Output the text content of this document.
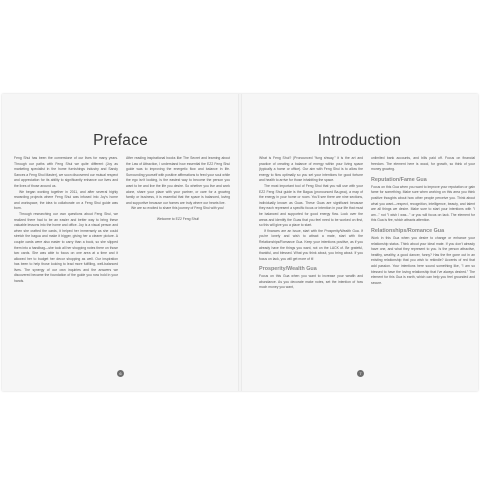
Preface

Feng Shui has been the cornerstone of our lives for many years. Through our paths with Feng Shui we quite different (Joy as marketing specialist in the home furnishings industry and Sandy Sances a Feng Shui Master), we soon discovered our mutual respect and appreciation for its ability to significantly enhance our lives and the lives of those around us.

We began working together in 2011, and after several highly rewarding projects where Feng Shui was infused into Joy's home and workspace, the idea to collaborate on a Feng Shui guide was born.

Through researching our own questions about Feng Shui, we realized there had to be an easier and better way to bring these valuable lessons into the home and office. Joy is a visual person and when she crafted the cards, it helped her immensely as she could stretch the bagua and make it bigger, giving her a clearer picture. A couple cards were also easier to carry than a book, so she slipped them into a handbag—she took all her shopping notes there on those two cards. She was able to focus on one area at a time and it allowed her to budget her decor shopping as well. Our inspiration has been to help those looking to lead more fulfilling, well-balanced lives. The synergy of our own inquiries and the answers we discovered became the foundation of the guide you now hold in your hands.

After reading inspirational books like The Secret and learning about the Law of Attraction, I understand how essential the EZ2 Feng Shui guide was to improving the energetic flow and balance in life. Surrounding yourself with positive affirmations to feed your soul while the ego isn't looking, is the easiest way to become the person you want to be and live the life you desire. So whether you live and work alone, share your place with your partner, or care for a growing family or business, it is essential that the space is balanced, loving and supportive because our homes are truly where our hearts live.

We are so excited to share this journey of Feng Shui with you!

Welcome to EZ2 Feng Shui!

6
Introduction

What is Feng Shui? (Pronounced "fung shway," it is the art and practice of creating a balance of energy within your living space (typically a home or office). Our aim with Feng Shui is to allow the energy to flow optimally so you set your intentions for good fortune and health to arrive for those inhabiting the space.

The most important tool of Feng Shui that you will use with your EZ2 Feng Shui guide is the Bagua (pronounced Ba-gwa), a map of the energy in your home or room. You'll see there are nine sections, individually known as Guas. These Guas are significant because they each represent a specific focus or intention in your life that must be balanced and supported for good energy flow. Look over the areas and identify the Guas that you feel need to be worked on first, so this will give you a place to start.

If finances are an issue, start with the Prosperity/Wealth Gua. If you're lonely and wish to attract a mate, start with the Relationships/Romance Gua. Keep your intentions positive, as if you already have the things you want, not on the LACK of. Be grateful, thankful, and blessed. What you think about, you bring about. If you focus on lack, you will get more of it!

Prosperity/Wealth Gua

Focus on this Gua when you want to increase your wealth and abundance. As you decorate make notes, set the intention of how much money you want,

unlimited bank accounts, and bills paid off. Focus on financial freedom. The element here is wood, for growth, so think of your money growing.

Reputation/Fame Gua

Focus on this Gua when you want to improve your reputation or gain fame for something. Make sure when working on this area you think positive thoughts about how other people perceive you. Think about what you want—respect, recognition, intelligence, beauty, and talent are all things we desire. Make sure to start your intentions with "I am..." not "I wish I was..." or you will focus on lack. The element for this Gua is fire, which attracts attention.

Relationships/Romance Gua

Work in this Gua when you desire to change or enhance your relationship status. Think about your ideal mate. If you don't already have one, and what they represent to you. Is the person attractive, healthy, wealthy, a good dancer, funny? Has the fire gone out in an existing relationship that you wish to rekindle? Accents of red that add passion. Your intentions here sound something like, "I am so blessed to have the loving relationship that I've always desired." The element for this Gua is earth, which can help you feel grounded and secure.

7
